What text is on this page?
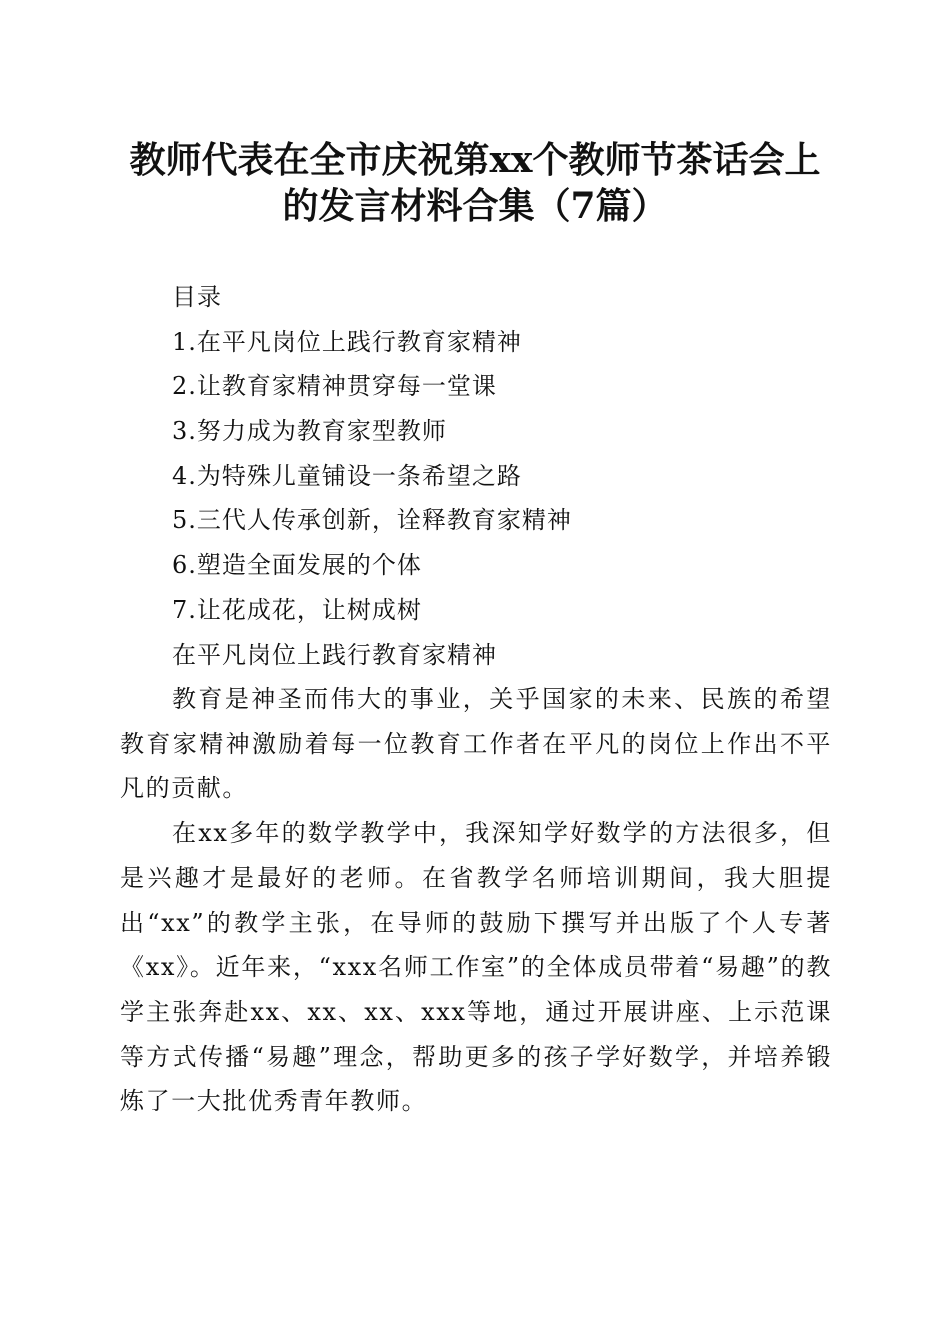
教师代表在全市庆祝第xx个教师节茶话会上
的发言材料合集（7篇）
目录
1.在平凡岗位上践行教育家精神
2.让教育家精神贯穿每一堂课
3.努力成为教育家型教师
4.为特殊儿童铺设一条希望之路
5.三代人传承创新，诠释教育家精神
6.塑造全面发展的个体
7.让花成花，让树成树
在平凡岗位上践行教育家精神

教育是神圣而伟大的事业，关乎国家的未来、民族的希望教育家精神激励着每一位教育工作者在平凡的岗位上作出不平凡的贡献。

在xx多年的数学教学中，我深知学好数学的方法很多，但是兴趣才是最好的老师。在省教学名师培训期间，我大胆提出“xx”的教学主张，在导师的鼓励下撰写并出版了个人专著《xx》。近年来，“xxx名师工作室”的全体成员带着“易趣”的教学主张奔赴xx、xx、xx、xxx等地，通过开展讲座、上示范课等方式传播“易趣”理念，帮助更多的孩子学好数学，并培养锻炼了一大批优秀青年教师。
